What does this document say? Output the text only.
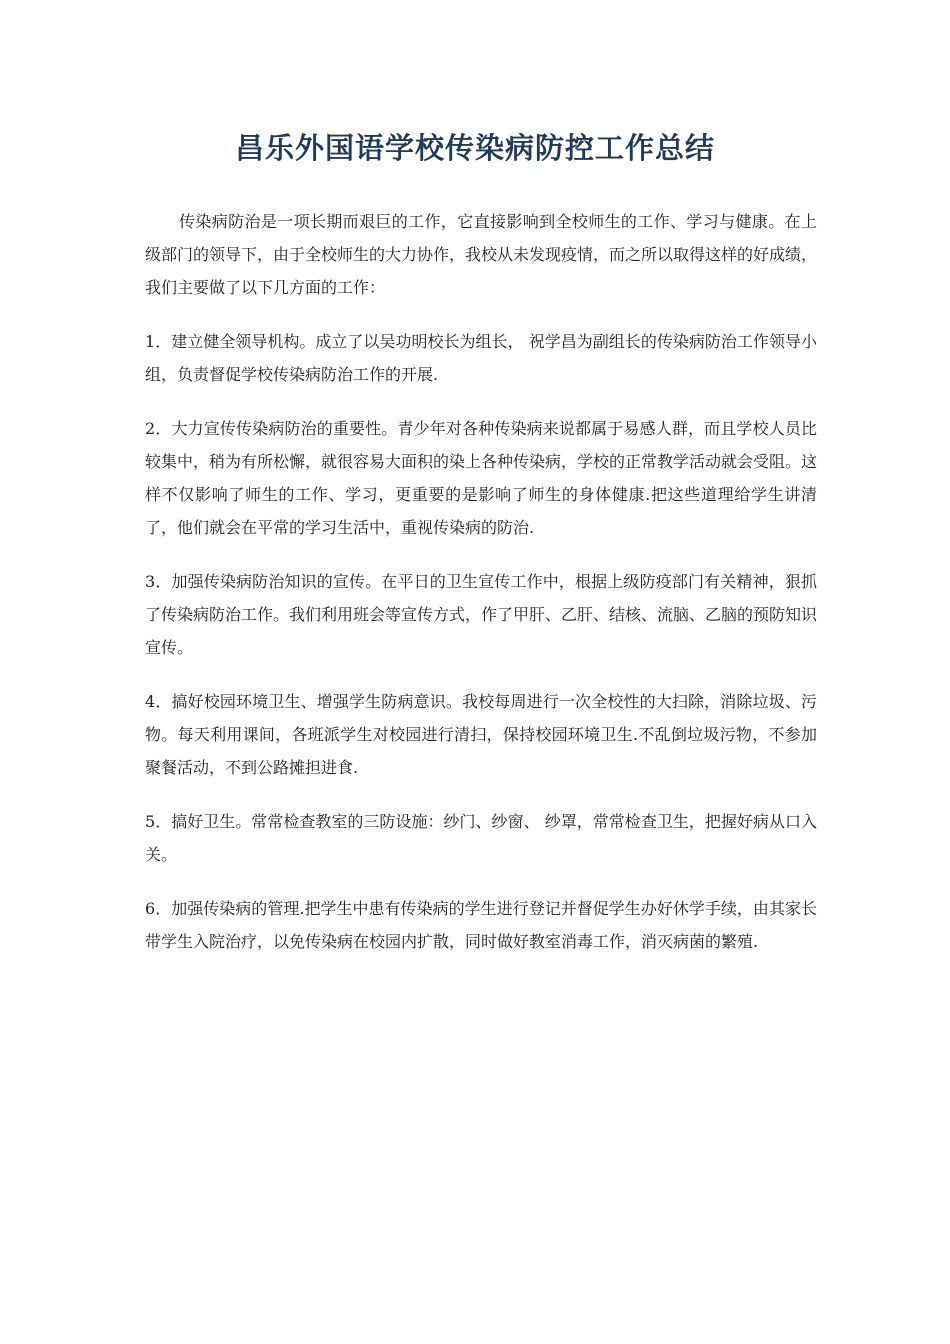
昌乐外国语学校传染病防控工作总结

传染病防治是一项长期而艰巨的工作，它直接影响到全校师生的工作、学习与健康。在上级部门的领导下，由于全校师生的大力协作，我校从未发现疫情，而之所以取得这样的好成绩，我们主要做了以下几方面的工作：

1．建立健全领导机构。成立了以吴功明校长为组长， 祝学昌为副组长的传染病防治工作领导小组，负责督促学校传染病防治工作的开展.

2．大力宣传传染病防治的重要性。青少年对各种传染病来说都属于易感人群，而且学校人员比较集中，稍为有所松懈，就很容易大面积的染上各种传染病，学校的正常教学活动就会受阻。这样不仅影响了师生的工作、学习，更重要的是影响了师生的身体健康.把这些道理给学生讲清了，他们就会在平常的学习生活中，重视传染病的防治.

3．加强传染病防治知识的宣传。在平日的卫生宣传工作中，根据上级防疫部门有关精神，狠抓了传染病防治工作。我们利用班会等宣传方式，作了甲肝、乙肝、结核、流脑、乙脑的预防知识宣传。

4．搞好校园环境卫生、增强学生防病意识。我校每周进行一次全校性的大扫除，消除垃圾、污物。每天利用课间，各班派学生对校园进行清扫，保持校园环境卫生.不乱倒垃圾污物，不参加聚餐活动，不到公路摊担进食.

5．搞好卫生。常常检查教室的三防设施：纱门、纱窗、 纱罩，常常检查卫生，把握好病从口入关。

6．加强传染病的管理.把学生中患有传染病的学生进行登记并督促学生办好休学手续，由其家长带学生入院治疗，以免传染病在校园内扩散，同时做好教室消毒工作，消灭病菌的繁殖.
